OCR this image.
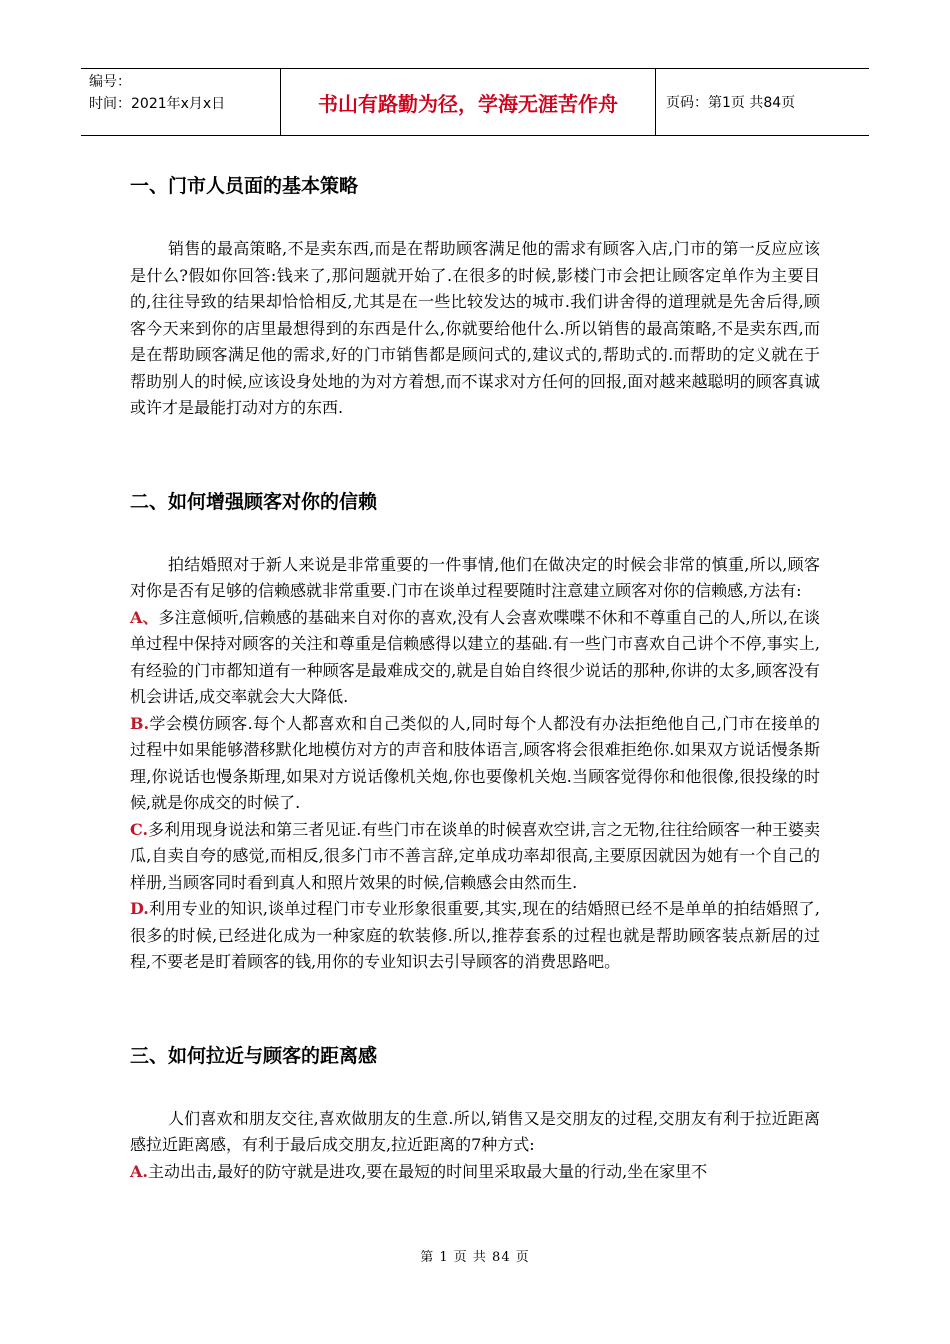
编号：
时间：2021年x月x日	书山有路勤为径，学海无涯苦作舟	页码：第1页 共84页
一、门市人员面的基本策略

销售的最高策略,不是卖东西,而是在帮助顾客满足他的需求有顾客入店,门市的第一反应应该是什么?假如你回答:钱来了,那问题就开始了.在很多的时候,影楼门市会把让顾客定单作为主要目的,往往导致的结果却恰恰相反,尤其是在一些比较发达的城市.我们讲舍得的道理就是先舍后得,顾客今天来到你的店里最想得到的东西是什么,你就要给他什么.所以销售的最高策略,不是卖东西,而是在帮助顾客满足他的需求,好的门市销售都是顾问式的,建议式的,帮助式的.而帮助的定义就在于帮助别人的时候,应该设身处地的为对方着想,而不谋求对方任何的回报,面对越来越聪明的顾客真诚或许才是最能打动对方的东西.

二、如何增强顾客对你的信赖

拍结婚照对于新人来说是非常重要的一件事情,他们在做决定的时候会非常的慎重,所以,顾客对你是否有足够的信赖感就非常重要.门市在谈单过程要随时注意建立顾客对你的信赖感,方法有:

A、多注意倾听,信赖感的基础来自对你的喜欢,没有人会喜欢喋喋不休和不尊重自己的人,所以,在谈单过程中保持对顾客的关注和尊重是信赖感得以建立的基础.有一些门市喜欢自己讲个不停,事实上,有经验的门市都知道有一种顾客是最难成交的,就是自始自终很少说话的那种,你讲的太多,顾客没有机会讲话,成交率就会大大降低.

B.学会模仿顾客.每个人都喜欢和自己类似的人,同时每个人都没有办法拒绝他自己,门市在接单的过程中如果能够潜移默化地模仿对方的声音和肢体语言,顾客将会很难拒绝你.如果双方说话慢条斯理,你说话也慢条斯理,如果对方说话像机关炮,你也要像机关炮.当顾客觉得你和他很像,很投缘的时候,就是你成交的时候了.

C.多利用现身说法和第三者见证.有些门市在谈单的时候喜欢空讲,言之无物,往往给顾客一种王婆卖瓜,自卖自夸的感觉,而相反,很多门市不善言辞,定单成功率却很高,主要原因就因为她有一个自己的样册,当顾客同时看到真人和照片效果的时候,信赖感会由然而生.

D.利用专业的知识,谈单过程门市专业形象很重要,其实,现在的结婚照已经不是单单的拍结婚照了,很多的时候,已经进化成为一种家庭的软装修.所以,推荐套系的过程也就是帮助顾客装点新居的过程,不要老是盯着顾客的钱,用你的专业知识去引导顾客的消费思路吧。

三、如何拉近与顾客的距离感

人们喜欢和朋友交往,喜欢做朋友的生意.所以,销售又是交朋友的过程,交朋友有利于拉近距离感拉近距离感，有利于最后成交朋友,拉近距离的7种方式:

A.主动出击,最好的防守就是进攻,要在最短的时间里采取最大量的行动,坐在家里不

第 1 页 共 84 页
